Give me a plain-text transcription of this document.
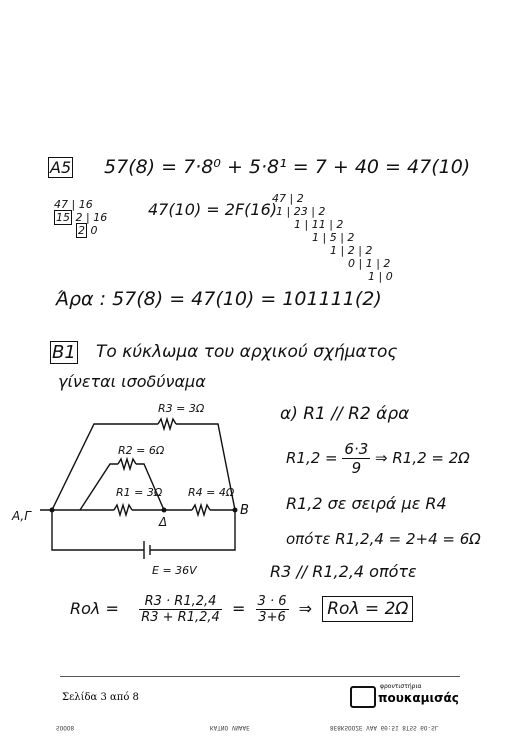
A5 57(8) = 7·8⁰ + 5·8¹ = 7 + 40 = 47(10)
47 | 16
15 2 | 16
2 0
47(10) = 2F(16)
47 | 2
1 | 23 | 2
1 | 11 | 2
1 | 5 | 2
1 | 2 | 2
0 | 1 | 2
1 | 0
Άρα : 57(8) = 47(10) = 101111(2)
B1 Το κύκλωμα του αρχικού σχήματος
γίνεται ισοδύναμα
R3 = 3Ω
R2 = 6Ω
R1 = 3Ω R4 = 4Ω
A,Γ	Δ
B
E = 36V
α) R1 // R2 άρα
$R1,2 = \frac{6\cdot 3}{9}$ ⇒ R1,2 = 2Ω
R1,2 σε σειρά με R4
οπότε R1,2,4 = 2+4 = 6Ω
R3 // R1,2,4 οπότε
$Ro\lambda = \frac{R3 \cdot R1,2,4}{R3 + R1,2,4} = \frac{3 \cdot 6}{3+6}$ ⇒  Rολ = 2Ω
Σελίδα 3 από 8
φροντιστήρια
πουκαμισάς
SOOO8	KATNO VNAAE	8E8KSOOZE VAA 60:51 8TSS 6O-SL
